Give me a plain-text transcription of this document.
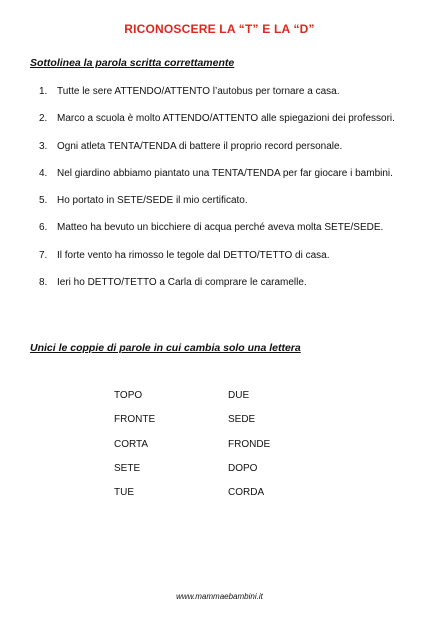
RICONOSCERE LA “T” E LA “D”
Sottolinea la parola scritta correttamente
1. Tutte le sere ATTENDO/ATTENTO l’autobus per tornare a casa.
2. Marco a scuola è molto ATTENDO/ATTENTO alle spiegazioni dei professori.
3. Ogni atleta TENTA/TENDA di battere il proprio record personale.
4. Nel giardino abbiamo piantato una TENTA/TENDA per far giocare i bambini.
5. Ho portato in SETE/SEDE il mio certificato.
6. Matteo ha bevuto un bicchiere di acqua perché aveva molta SETE/SEDE.
7. Il forte vento ha rimosso le tegole dal DETTO/TETTO di casa.
8. Ieri ho DETTO/TETTO a Carla di comprare le caramelle.
Unici le coppie di parole in cui cambia solo una lettera
TOPO	DUE
FRONTE	SEDE
CORTA	FRONDE
SETE	DOPO
TUE	CORDA
www.mammaebambini.it
